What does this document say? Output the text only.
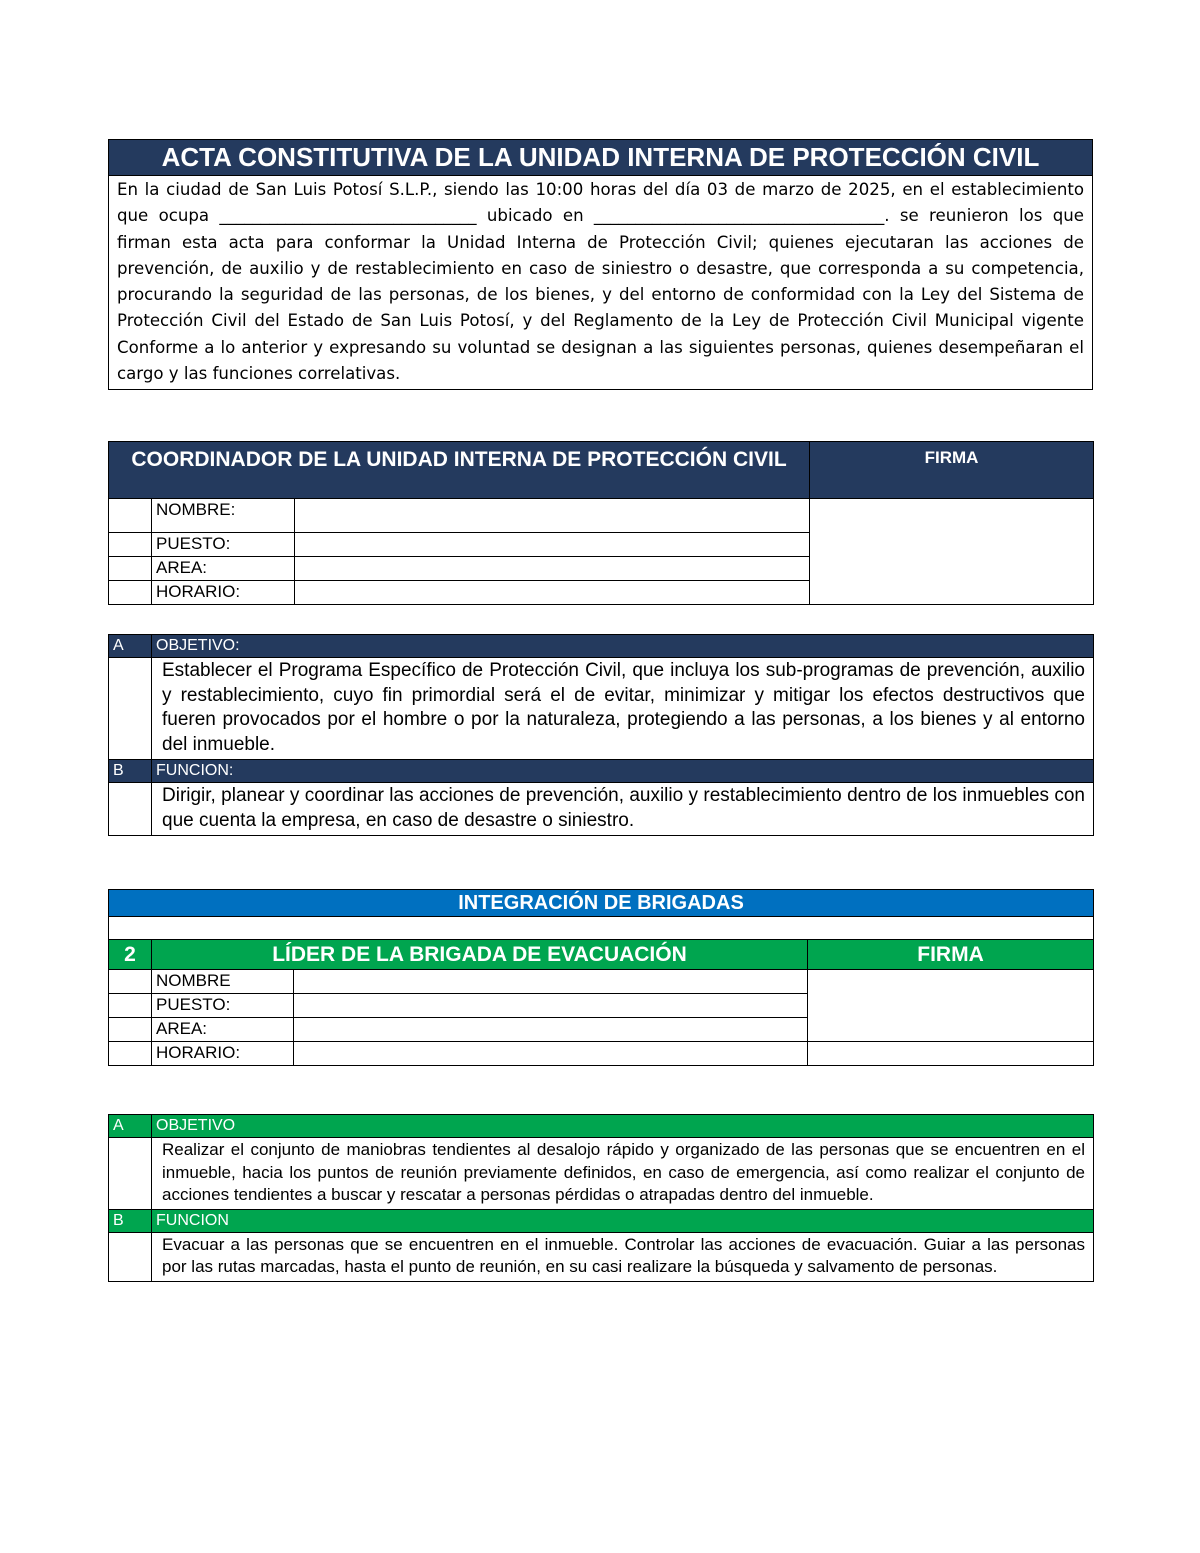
ACTA CONSTITUTIVA DE LA UNIDAD INTERNA DE PROTECCIÓN CIVIL
En la ciudad de San Luis Potosí S.L.P., siendo las 10:00 horas del día 03 de marzo de 2025, en el establecimiento que ocupa _______________________________ ubicado en ___________________________________. se reunieron los que firman esta acta para conformar la Unidad Interna de Protección Civil; quienes ejecutaran las acciones de prevención, de auxilio y de restablecimiento en caso de siniestro o desastre, que corresponda a su competencia, procurando la seguridad de las personas, de los bienes, y del entorno de conformidad con la Ley del Sistema de Protección Civil del Estado de San Luis Potosí, y del Reglamento de la Ley de Protección Civil Municipal vigente Conforme a lo anterior y expresando su voluntad se designan a las siguientes personas, quienes desempeñaran el cargo y las funciones correlativas.
COORDINADOR DE LA UNIDAD INTERNA DE PROTECCIÓN CIVIL			FIRMA
	NOMBRE:		
	PUESTO:		
	AREA:		
	HORARIO:		
A	OBJETIVO:
	Establecer el Programa Específico de Protección Civil, que incluya los sub-programas de prevención, auxilio y restablecimiento, cuyo fin primordial será el de evitar, minimizar y mitigar los efectos destructivos que fueren provocados por el hombre o por la naturaleza, protegiendo a las personas, a los bienes y al entorno del inmueble.
B	FUNCION:
	Dirigir, planear y coordinar las acciones de prevención, auxilio y restablecimiento dentro de los inmuebles con que cuenta la empresa, en caso de desastre o siniestro.
INTEGRACIÓN DE BRIGADAS			

2	LÍDER DE LA BRIGADA DE EVACUACIÓN		FIRMA
	NOMBRE		
	PUESTO:		
	AREA:		
	HORARIO:		
A	OBJETIVO
	Realizar el conjunto de maniobras tendientes al desalojo rápido y organizado de las personas que se encuentren en el inmueble, hacia los puntos de reunión previamente definidos, en caso de emergencia, así como realizar el conjunto de acciones tendientes a buscar y rescatar a personas pérdidas o atrapadas dentro del inmueble.
B	FUNCION
	Evacuar a las personas que se encuentren en el inmueble. Controlar las acciones de evacuación. Guiar a las personas por las rutas marcadas, hasta el punto de reunión, en su casi realizare la búsqueda y salvamento de personas.
